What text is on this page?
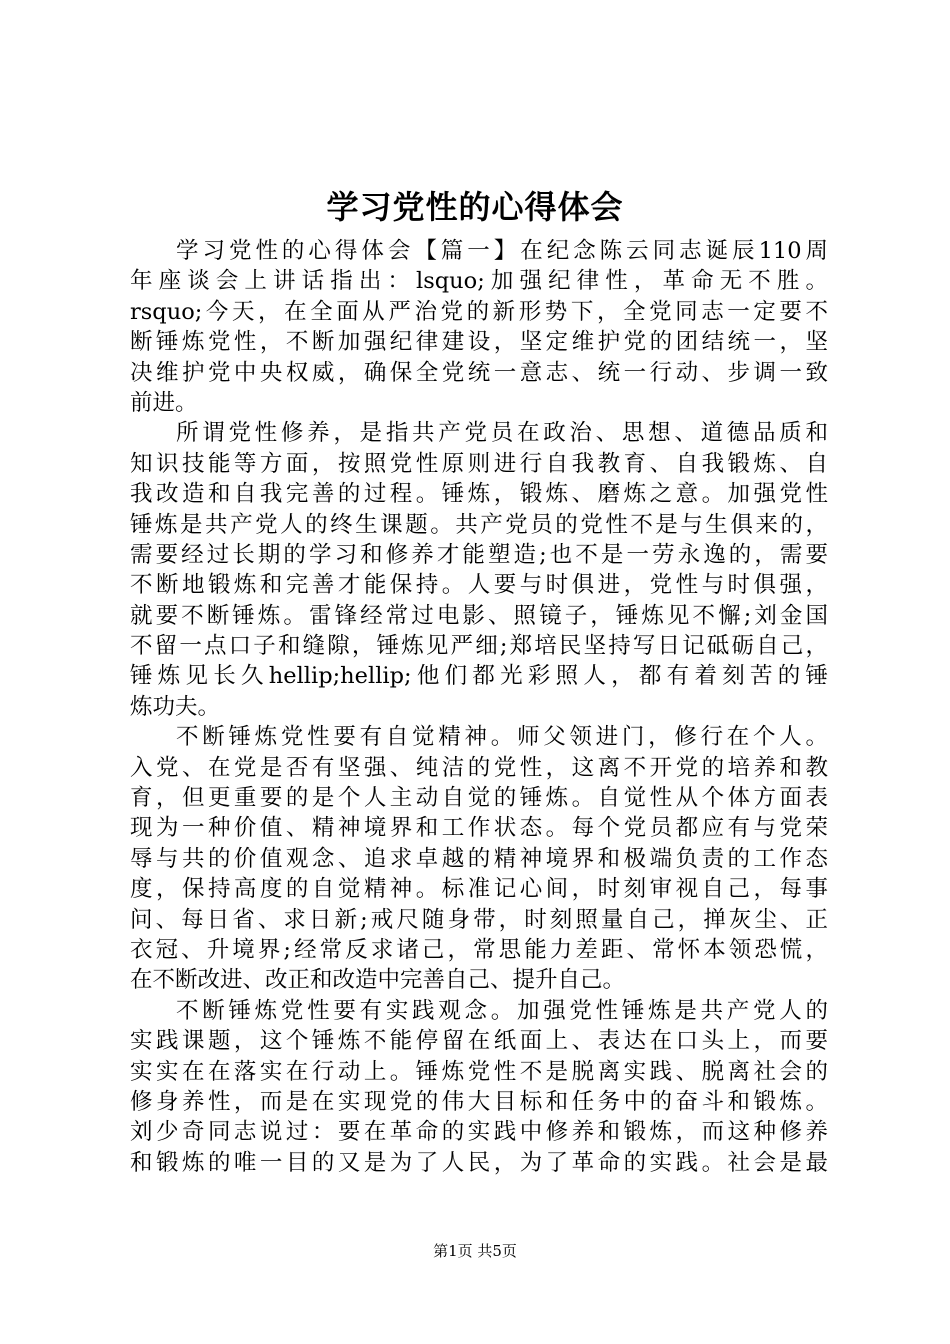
学习党性的心得体会
学习党性的心得体会【篇一】在纪念陈云同志诞辰110周
年座谈会上讲话指出：lsquo;加强纪律性，革命无不胜。
rsquo;今天，在全面从严治党的新形势下，全党同志一定要不
断锤炼党性，不断加强纪律建设，坚定维护党的团结统一，坚
决维护党中央权威，确保全党统一意志、统一行动、步调一致
前进。
所谓党性修养，是指共产党员在政治、思想、道德品质和
知识技能等方面，按照党性原则进行自我教育、自我锻炼、自
我改造和自我完善的过程。锤炼，锻炼、磨炼之意。加强党性
锤炼是共产党人的终生课题。共产党员的党性不是与生俱来的，
需要经过长期的学习和修养才能塑造;也不是一劳永逸的，需要
不断地锻炼和完善才能保持。人要与时俱进，党性与时俱强，
就要不断锤炼。雷锋经常过电影、照镜子，锤炼见不懈;刘金国
不留一点口子和缝隙，锤炼见严细;郑培民坚持写日记砥砺自己，
锤炼见长久hellip;hellip;他们都光彩照人，都有着刻苦的锤
炼功夫。
不断锤炼党性要有自觉精神。师父领进门，修行在个人。
入党、在党是否有坚强、纯洁的党性，这离不开党的培养和教
育，但更重要的是个人主动自觉的锤炼。自觉性从个体方面表
现为一种价值、精神境界和工作状态。每个党员都应有与党荣
辱与共的价值观念、追求卓越的精神境界和极端负责的工作态
度，保持高度的自觉精神。标准记心间，时刻审视自己，每事
问、每日省、求日新;戒尺随身带，时刻照量自己，掸灰尘、正
衣冠、升境界;经常反求诸己，常思能力差距、常怀本领恐慌，
在不断改进、改正和改造中完善自己、提升自己。
不断锤炼党性要有实践观念。加强党性锤炼是共产党人的
实践课题，这个锤炼不能停留在纸面上、表达在口头上，而要
实实在在落实在行动上。锤炼党性不是脱离实践、脱离社会的
修身养性，而是在实现党的伟大目标和任务中的奋斗和锻炼。
刘少奇同志说过：要在革命的实践中修养和锻炼，而这种修养
和锻炼的唯一目的又是为了人民，为了革命的实践。社会是最
第1页 共5页
